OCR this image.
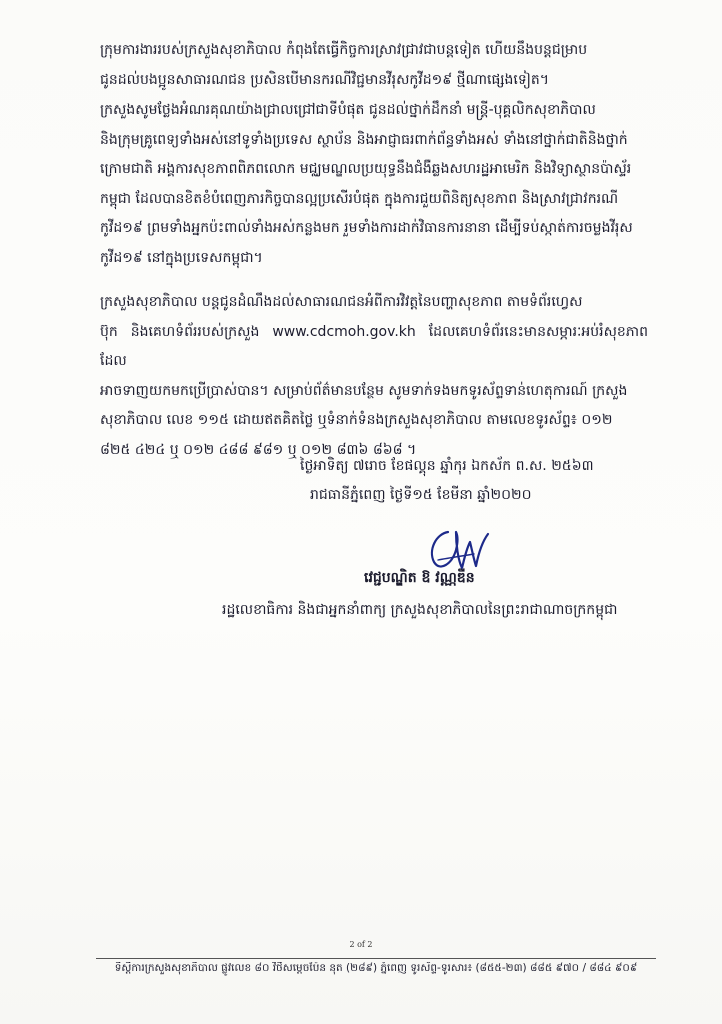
ក្រុមការងាររបស់ក្រសួងសុខាភិបាល កំពុងតែធ្វើកិច្ចការស្រាវជ្រាវជាបន្តទៀត ហើយនឹងបន្តជម្រាប
ជូនដល់បងប្អូនសាធារណជន ប្រសិនបើមានករណីវិជ្ជមានវីរុសកូវីដ១៩ ថ្មីណាផ្សេងទៀត។
ក្រសួងសូមថ្លែងអំណរគុណយ៉ាងជ្រាលជ្រៅជាទីបំផុត ជូនដល់ថ្នាក់ដឹកនាំ មន្ត្រី-បុគ្គលិកសុខាភិបាល
និងក្រុមគ្រូពេទ្យទាំងអស់នៅទូទាំងប្រទេស ស្ថាប័ន និងអាជ្ញាធរពាក់ព័ន្ធទាំងអស់ ទាំងនៅថ្នាក់ជាតិនិងថ្នាក់
ក្រោមជាតិ អង្គការសុខភាពពិភពលោក មជ្ឈមណ្ឌលប្រយុទ្ធនឹងជំងឺឆ្លងសហរដ្ឋអាមេរិក និងវិទ្យាស្ថានប៉ាស្ទ័រ
កម្ពុជា ដែលបានខិតខំបំពេញភារកិច្ចបានល្អប្រសើរបំផុត ក្នុងការជួយពិនិត្យសុខភាព និងស្រាវជ្រាវករណី
កូវីដ១៩ ព្រមទាំងអ្នកប៉ះពាល់ទាំងអស់កន្លងមក រួមទាំងការដាក់វិធានការនានា ដើម្បីទប់ស្កាត់ការចម្លងវីរុស
កូវីដ១៩ នៅក្នុងប្រទេសកម្ពុជា។
ក្រសួងសុខាភិបាល បន្តជូនដំណឹងដល់សាធារណជនអំពីការវិវត្តនៃបញ្ហាសុខភាព តាមទំព័រហ្វេស
ប៊ុក និងគេហទំព័ររបស់ក្រសួង www.cdcmoh.gov.kh ដែលគេហទំព័រនេះមានសម្ភារៈអប់រំសុខភាពដែល
អាចទាញយកមកប្រើប្រាស់បាន។ សម្រាប់ព័ត៌មានបន្ថែម សូមទាក់ទងមកទូរស័ព្ទទាន់ហេតុការណ៍ ក្រសួង
សុខាភិបាល លេខ ១១៥ ដោយឥតគិតថ្លៃ ឬទំនាក់ទំនងក្រសួងសុខាភិបាល តាមលេខទូរស័ព្ទ៖ ០១២
៨២៥ ៤២៤ ឬ ០១២ ៤៨៨ ៩៨១ ឬ ០១២ ៨៣៦ ៨៦៨ ។
ថ្ងៃអាទិត្យ ៧រោច ខែផល្គុន ឆ្នាំកុរ ឯកស័ក ព.ស. ២៥៦៣
រាជធានីភ្នំពេញ ថ្ងៃទី១៥ ខែមីនា ឆ្នាំ២០២០
វេជ្ជបណ្ឌិត ឱ វណ្ណឌីន
រដ្ឋលេខាធិការ និងជាអ្នកនាំពាក្យ ក្រសួងសុខាភិបាលនៃព្រះរាជាណាចក្រកម្ពុជា
2 of 2
ទីស្តីការក្រសួងសុខាភិបាល ផ្លូវលេខ ៨០ វិថីសម្ដេចប៉ែន នុត (២៨៩) ភ្នំពេញ ទូរស័ព្ទ-ទូរសារ៖ (៨៥៥-២៣) ៨៨៥ ៩៧០ / ៨៨៤ ៩០៩
